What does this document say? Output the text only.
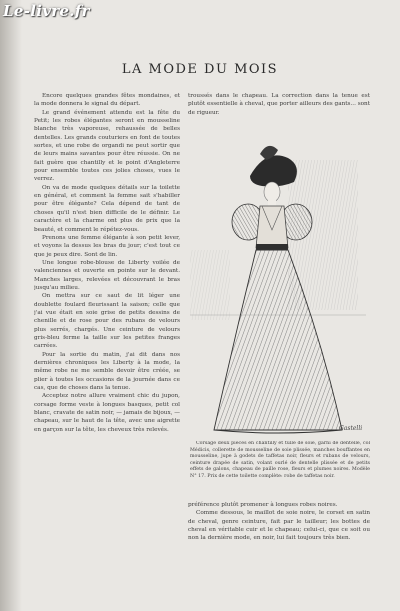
Le-livre.fr
LA MODE DU MOIS

Encore quelques grandes fêtes mondaines, et la mode donnera le signal du départ.

Le grand événement attendu est la fête du Petit; les robes élégantes seront en mousseline blanche très vaporeuse, rehaussée de belles dentelles. Les grands couturiers en font de toutes sortes, et une robe de organdi ne peut sortir que de leurs mains savantes pour être réussie. On ne fait guère que chantilly et le point d'Angleterre pour ensemble toutes ces jolies choses, vues le verrez.

On va de mode quelques détails sur la toilette en général, et comment la femme sait s'habiller pour être élégante? Cela dépend de tant de choses qu'il n'est bien difficile de le définir. Le caractère et la charme ont plus de prix que la beauté, et comment le répétez-vous.

Prenons une femme élégante à son petit lever, et voyons la dessus les bras du jour; c'est tout ce que je peux dire. Sont de lin.

Une longue robe-blouse de Liberty voilée de valenciennes et ouverte en pointe sur le devant. Manches larges, relevées et découvrant le bras jusqu'au milieu.

On mettra sur ce saut de lit léger une doublette foulard fleurissant la saison; celle que j'ai vue était en soie grise de petits dessins de chenille et de rose pour des rubans de velours plus serrés, chargés. Une ceinture de velours gris-bleu ferme la taille sur les petites franges carrées.

Pour la sortie du matin, j'ai dit dans nos dernières chroniques les Liberty à la mode, la même robe ne me semble devoir être créée, se plier à toutes les occasions de la journée dans ce cas, que de choses dans la tenue.

Acceptez notre allure vraiment chic du jupon, corsage forme veste à longues basques, petit col blanc, cravate de satin noir, — jamais de bijoux, — chapeau, sur le haut de la tête, avec une aigrette en garçon sur la tête, les cheveux très relevés.

troussés dans le chapeau. La correction dans la tenue est plutôt essentielle à cheval, que porter ailleurs des gants... sont de rigueur.

Gastelli

Corsage deux pièces en chantilly et tulle de soie, garni de dentelle, col Médicis, collerette de mousseline de soie plissée, manches bouffantes en mousseline, jupe à godets de taffetas noir, fleurs et rubans de velours, ceinture drapée de satin, volant ourlé de dentelle plissée et de petits effets de galons, chapeau de paille rose, fleurs et plumes noires. Modèle N° 17. Prix de cette toilette complète: robe de taffetas noir.

préférence plutôt promener à longues robes noires.

Comme dessous, le maillot de soie noire, le corset en satin de cheval, genre ceinture, fait par le tailleur; les bottes de cheval en véritable cuir et le chapeau; celui-ci, que ce soit ou non la dernière mode, en noir, lui fait toujours très bien.
